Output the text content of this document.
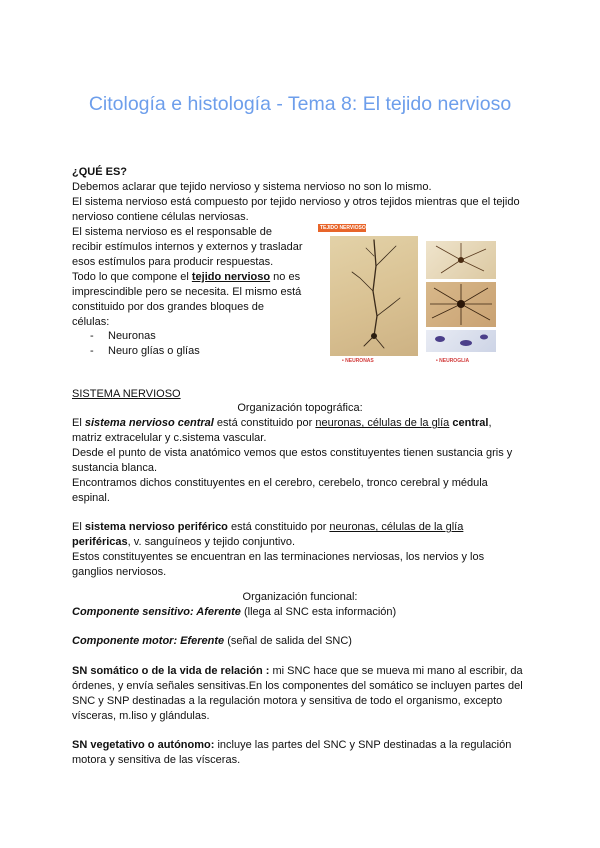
Citología e histología - Tema 8: El tejido nervioso
¿QUÉ ES?
Debemos aclarar que tejido nervioso y sistema nervioso no son lo mismo.
El sistema nervioso está compuesto por tejido nervioso y otros tejidos mientras que el tejido
nervioso contiene células nerviosas.
El sistema nervioso es el responsable de
recibir estímulos internos y externos y trasladar
esos estímulos para producir respuestas.
Todo lo que compone el tejido nervioso no es
imprescindible pero se necesita. El mismo está
constituido por dos grandes bloques de
células:
- Neuronas
- Neuro glías o glías
TEJIDO NERVIOSO
• NEURONAS	• NEUROGLIA
SISTEMA NERVIOSO
Organización topográfica:
El sistema nervioso central está constituido por neuronas, células de la glía central,
matriz extracelular y c.sistema vascular.
Desde el punto de vista anatómico vemos que estos constituyentes tienen sustancia gris y
sustancia blanca.
Encontramos dichos constituyentes en el cerebro, cerebelo, tronco cerebral y médula
espinal.
El sistema nervioso periférico está constituido por neuronas, células de la glía
periféricas, v. sanguíneos y tejido conjuntivo.
Estos constituyentes se encuentran en las terminaciones nerviosas, los nervios y los
ganglios nerviosos.
Organización funcional:
Componente sensitivo: Aferente (llega al SNC esta información)
Componente motor: Eferente (señal de salida del SNC)
SN somático o de la vida de relación : mi SNC hace que se mueva mi mano al escribir, da
órdenes, y envía señales sensitivas.En los componentes del somático se incluyen partes del
SNC y SNP destinadas a la regulación motora y sensitiva de todo el organismo, excepto
vísceras, m.liso y glándulas.
SN vegetativo o autónomo: incluye las partes del SNC y SNP destinadas a la regulación
motora y sensitiva de las vísceras.
